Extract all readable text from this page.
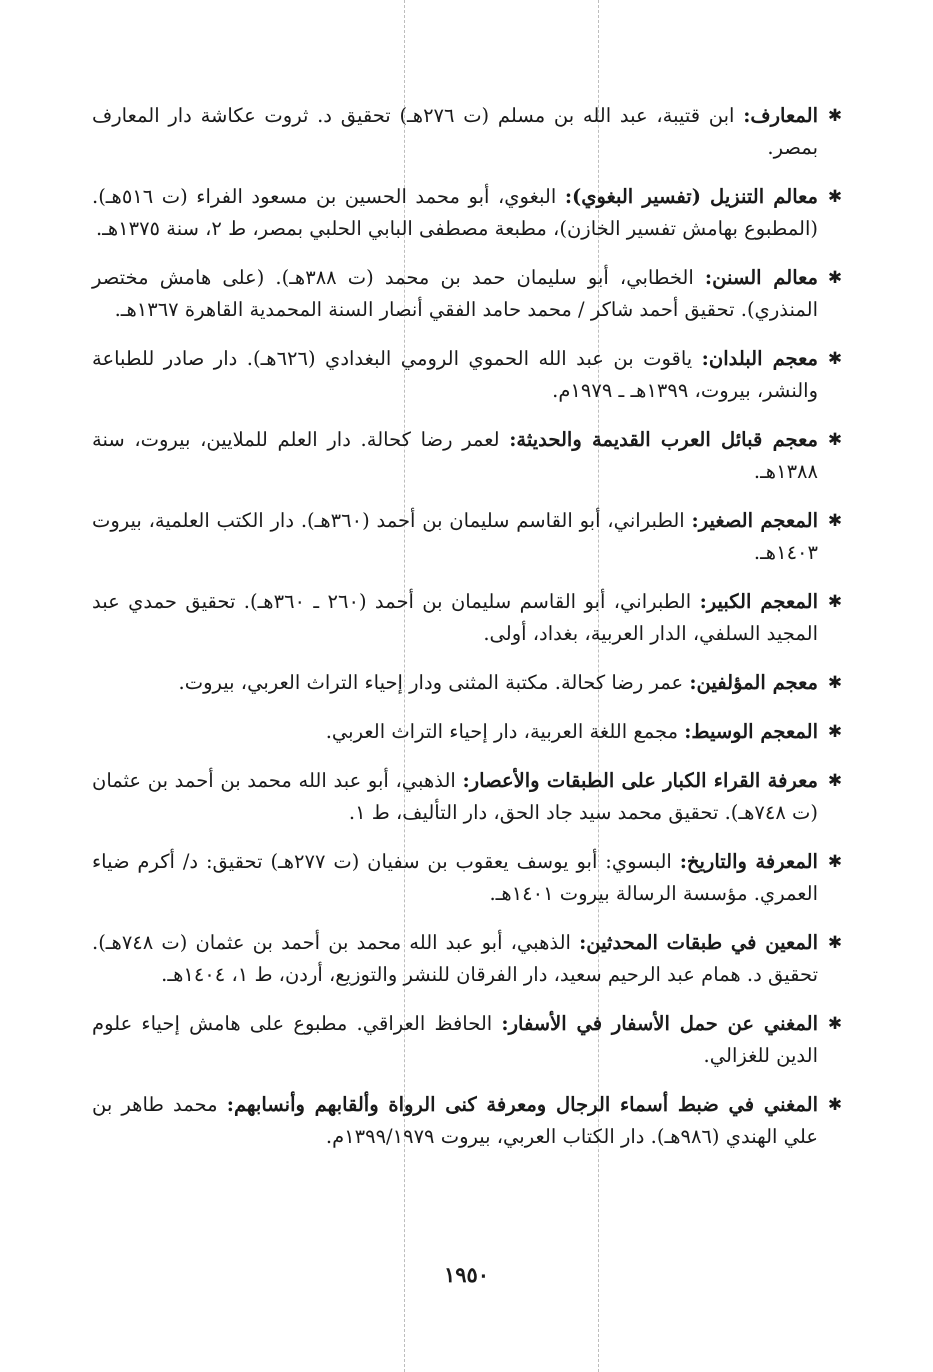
✱
المعارف: ابن قتيبة، عبد الله بن مسلم (ت ٢٧٦هـ) تحقيق د. ثروت عكاشة دار المعارف بمصر.
✱
معالم التنزيل (تفسير البغوي): البغوي، أبو محمد الحسين بن مسعود الفراء (ت ٥١٦هـ). (المطبوع بهامش تفسير الخازن)، مطبعة مصطفى البابي الحلبي بمصر، ط ٢، سنة ١٣٧٥هـ.
✱
معالم السنن: الخطابي، أبو سليمان حمد بن محمد (ت ٣٨٨هـ). (على هامش مختصر المنذري). تحقيق أحمد شاكر / محمد حامد الفقي أنصار السنة المحمدية القاهرة ١٣٦٧هـ.
✱
معجم البلدان: ياقوت بن عبد الله الحموي الرومي البغدادي (٦٢٦هـ). دار صادر للطباعة والنشر، بيروت، ١٣٩٩هـ ـ ١٩٧٩م.
✱
معجم قبائل العرب القديمة والحديثة: لعمر رضا كحالة. دار العلم للملايين، بيروت، سنة ١٣٨٨هـ.
✱
المعجم الصغير: الطبراني، أبو القاسم سليمان بن أحمد (٣٦٠هـ). دار الكتب العلمية، بيروت ١٤٠٣هـ.
✱
المعجم الكبير: الطبراني، أبو القاسم سليمان بن أحمد (٢٦٠ ـ ٣٦٠هـ). تحقيق حمدي عبد المجيد السلفي، الدار العربية، بغداد، أولى.
✱
معجم المؤلفين: عمر رضا كحالة. مكتبة المثنى ودار إحياء التراث العربي، بيروت.
✱
المعجم الوسيط: مجمع اللغة العربية، دار إحياء التراث العربي.
✱
معرفة القراء الكبار على الطبقات والأعصار: الذهبي، أبو عبد الله محمد بن أحمد بن عثمان (ت ٧٤٨هـ). تحقيق محمد سيد جاد الحق، دار التأليف، ط ١.
✱
المعرفة والتاريخ: البسوي: أبو يوسف يعقوب بن سفيان (ت ٢٧٧هـ) تحقيق: د/ أكرم ضياء العمري. مؤسسة الرسالة بيروت ١٤٠١هـ.
✱
المعين في طبقات المحدثين: الذهبي، أبو عبد الله محمد بن أحمد بن عثمان (ت ٧٤٨هـ). تحقيق د. همام عبد الرحيم سعيد، دار الفرقان للنشر والتوزيع، أردن، ط ١، ١٤٠٤هـ.
✱
المغني عن حمل الأسفار في الأسفار: الحافظ العراقي. مطبوع على هامش إحياء علوم الدين للغزالي.
✱
المغني في ضبط أسماء الرجال ومعرفة كنى الرواة وألقابهم وأنسابهم: محمد طاهر بن علي الهندي (٩٨٦هـ). دار الكتاب العربي، بيروت ١٣٩٩/١٩٧٩م.
١٩٥٠
